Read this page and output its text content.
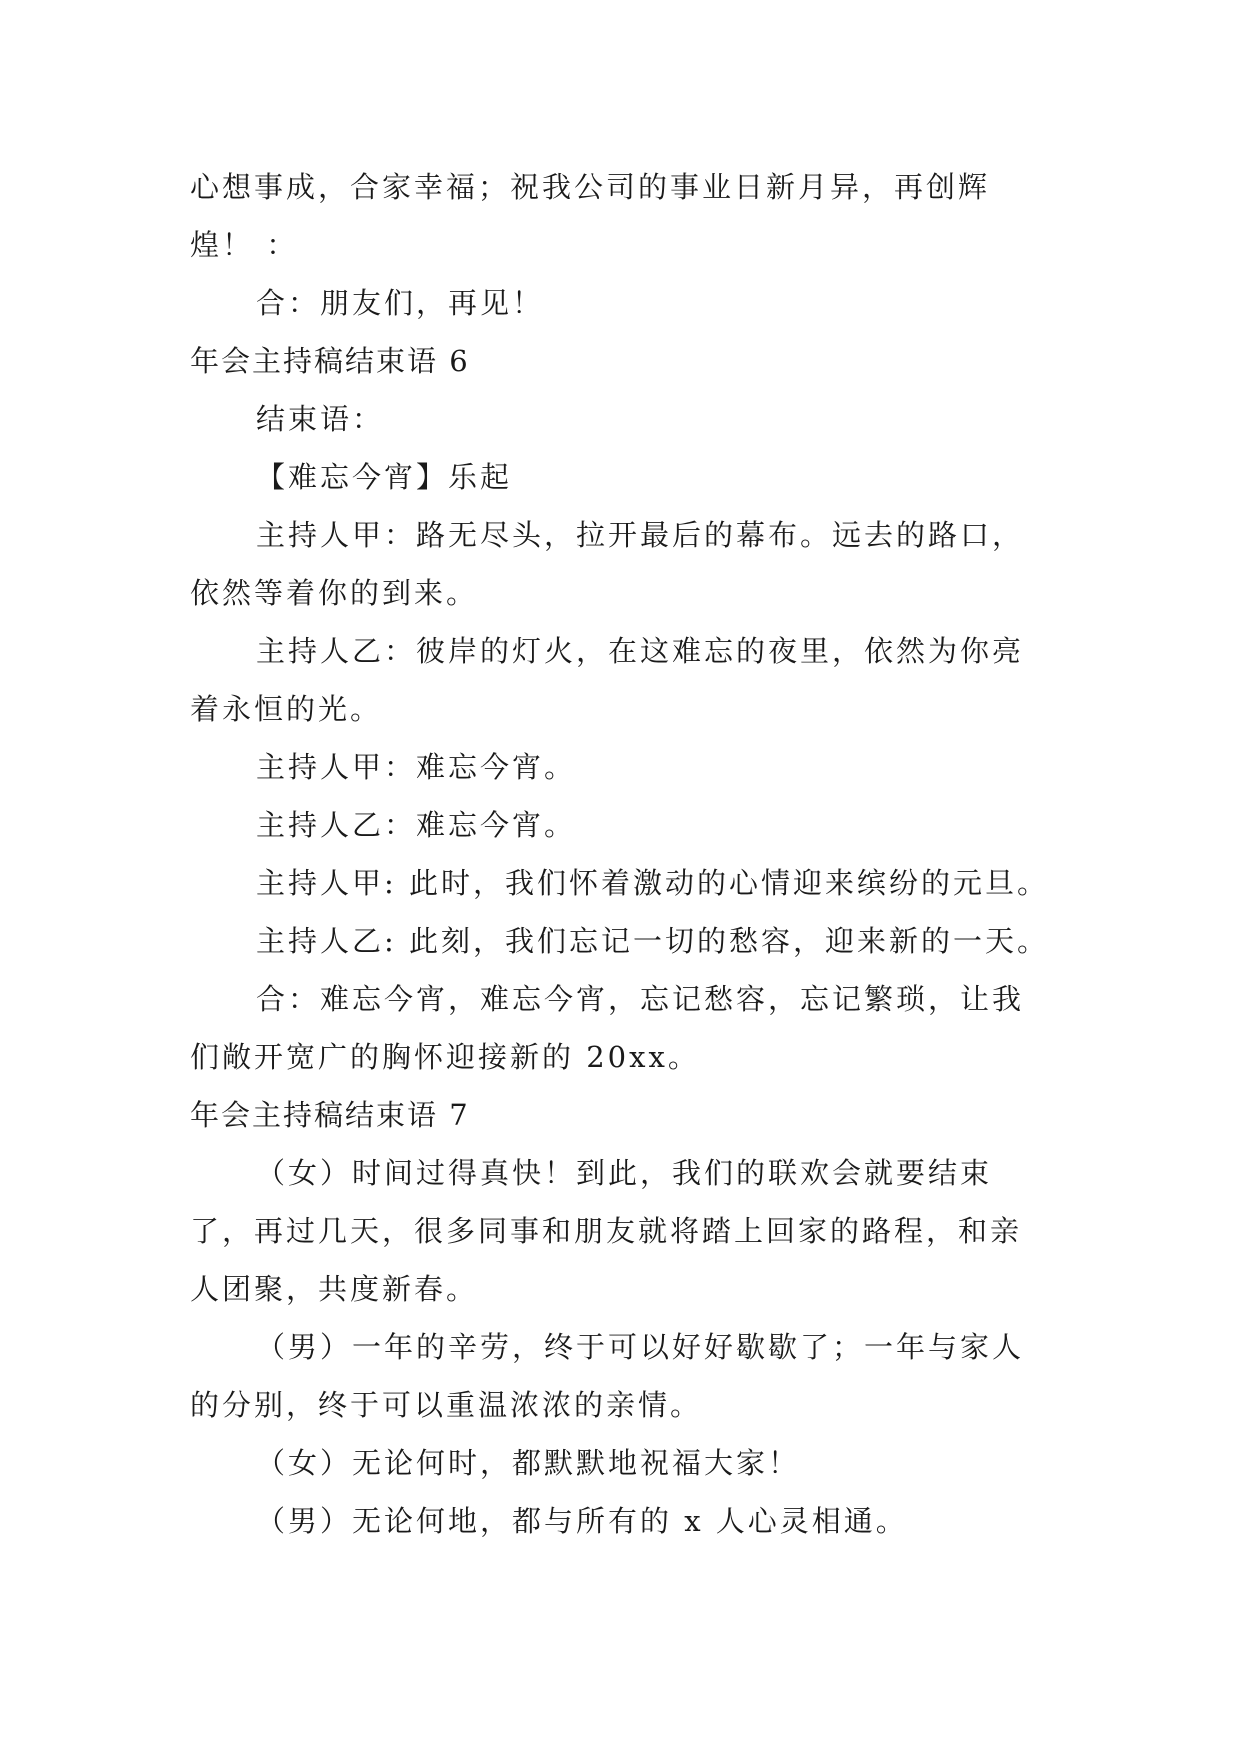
心想事成，合家幸福；祝我公司的事业日新月异，再创辉煌！ ：

合：朋友们，再见！

年会主持稿结束语 6

结束语：

【难忘今宵】乐起

主持人甲：路无尽头，拉开最后的幕布。远去的路口，依然等着你的到来。

主持人乙：彼岸的灯火，在这难忘的夜里，依然为你亮着永恒的光。

主持人甲：难忘今宵。

主持人乙：难忘今宵。

主持人甲: 此时，我们怀着激动的心情迎来缤纷的元旦。

主持人乙: 此刻，我们忘记一切的愁容，迎来新的一天。

合：难忘今宵，难忘今宵，忘记愁容，忘记繁琐，让我们敞开宽广的胸怀迎接新的 20xx。

年会主持稿结束语 7

（女）时间过得真快！到此，我们的联欢会就要结束了，再过几天，很多同事和朋友就将踏上回家的路程，和亲人团聚，共度新春。

（男）一年的辛劳，终于可以好好歇歇了；一年与家人的分别，终于可以重温浓浓的亲情。

（女）无论何时，都默默地祝福大家！

（男）无论何地，都与所有的 x 人心灵相通。
